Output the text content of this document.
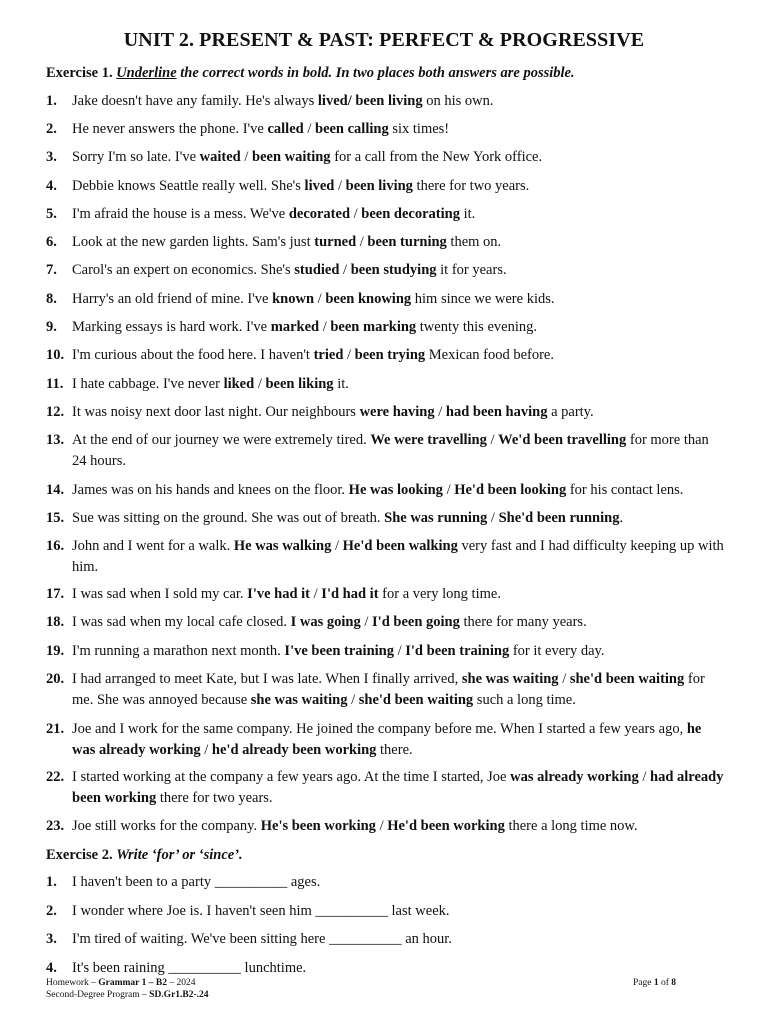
UNIT 2. PRESENT & PAST: PERFECT & PROGRESSIVE

Exercise 1. Underline the correct words in bold. In two places both answers are possible.

1. Jake doesn't have any family. He's always lived/ been living on his own.
2. He never answers the phone. I've called / been calling six times!
3. Sorry I'm so late. I've waited / been waiting for a call from the New York office.
4. Debbie knows Seattle really well. She's lived / been living there for two years.
5. I'm afraid the house is a mess. We've decorated / been decorating it.
6. Look at the new garden lights. Sam's just turned / been turning them on.
7. Carol's an expert on economics. She's studied / been studying it for years.
8. Harry's an old friend of mine. I've known / been knowing him since we were kids.
9. Marking essays is hard work. I've marked / been marking twenty this evening.
10. I'm curious about the food here. I haven't tried / been trying Mexican food before.
11. I hate cabbage. I've never liked / been liking it.
12. It was noisy next door last night. Our neighbours were having / had been having a party.
13. At the end of our journey we were extremely tired. We were travelling / We'd been travelling for more than 24 hours.
14. James was on his hands and knees on the floor. He was looking / He'd been looking for his contact lens.
15. Sue was sitting on the ground. She was out of breath. She was running / She'd been running.
16. John and I went for a walk. He was walking / He'd been walking very fast and I had difficulty keeping up with him.
17. I was sad when I sold my car. I've had it / I'd had it for a very long time.
18. I was sad when my local cafe closed. I was going / I'd been going there for many years.
19. I'm running a marathon next month. I've been training / I'd been training for it every day.
20. I had arranged to meet Kate, but I was late. When I finally arrived, she was waiting / she'd been waiting for me. She was annoyed because she was waiting / she'd been waiting such a long time.
21. Joe and I work for the same company. He joined the company before me. When I started a few years ago, he was already working / he'd already been working there.
22. I started working at the company a few years ago. At the time I started, Joe was already working / had already been working there for two years.
23. Joe still works for the company. He's been working / He'd been working there a long time now.

Exercise 2. Write ‘for’ or ‘since’.

1. I haven't been to a party __________ ages.
2. I wonder where Joe is. I haven't seen him __________ last week.
3. I'm tired of waiting. We've been sitting here __________ an hour.
4. It's been raining __________ lunchtime.
Homework – Grammar 1 – B2 – 2024
Second-Degree Program – SD.Gr1.B2-.24
Page 1 of 8
